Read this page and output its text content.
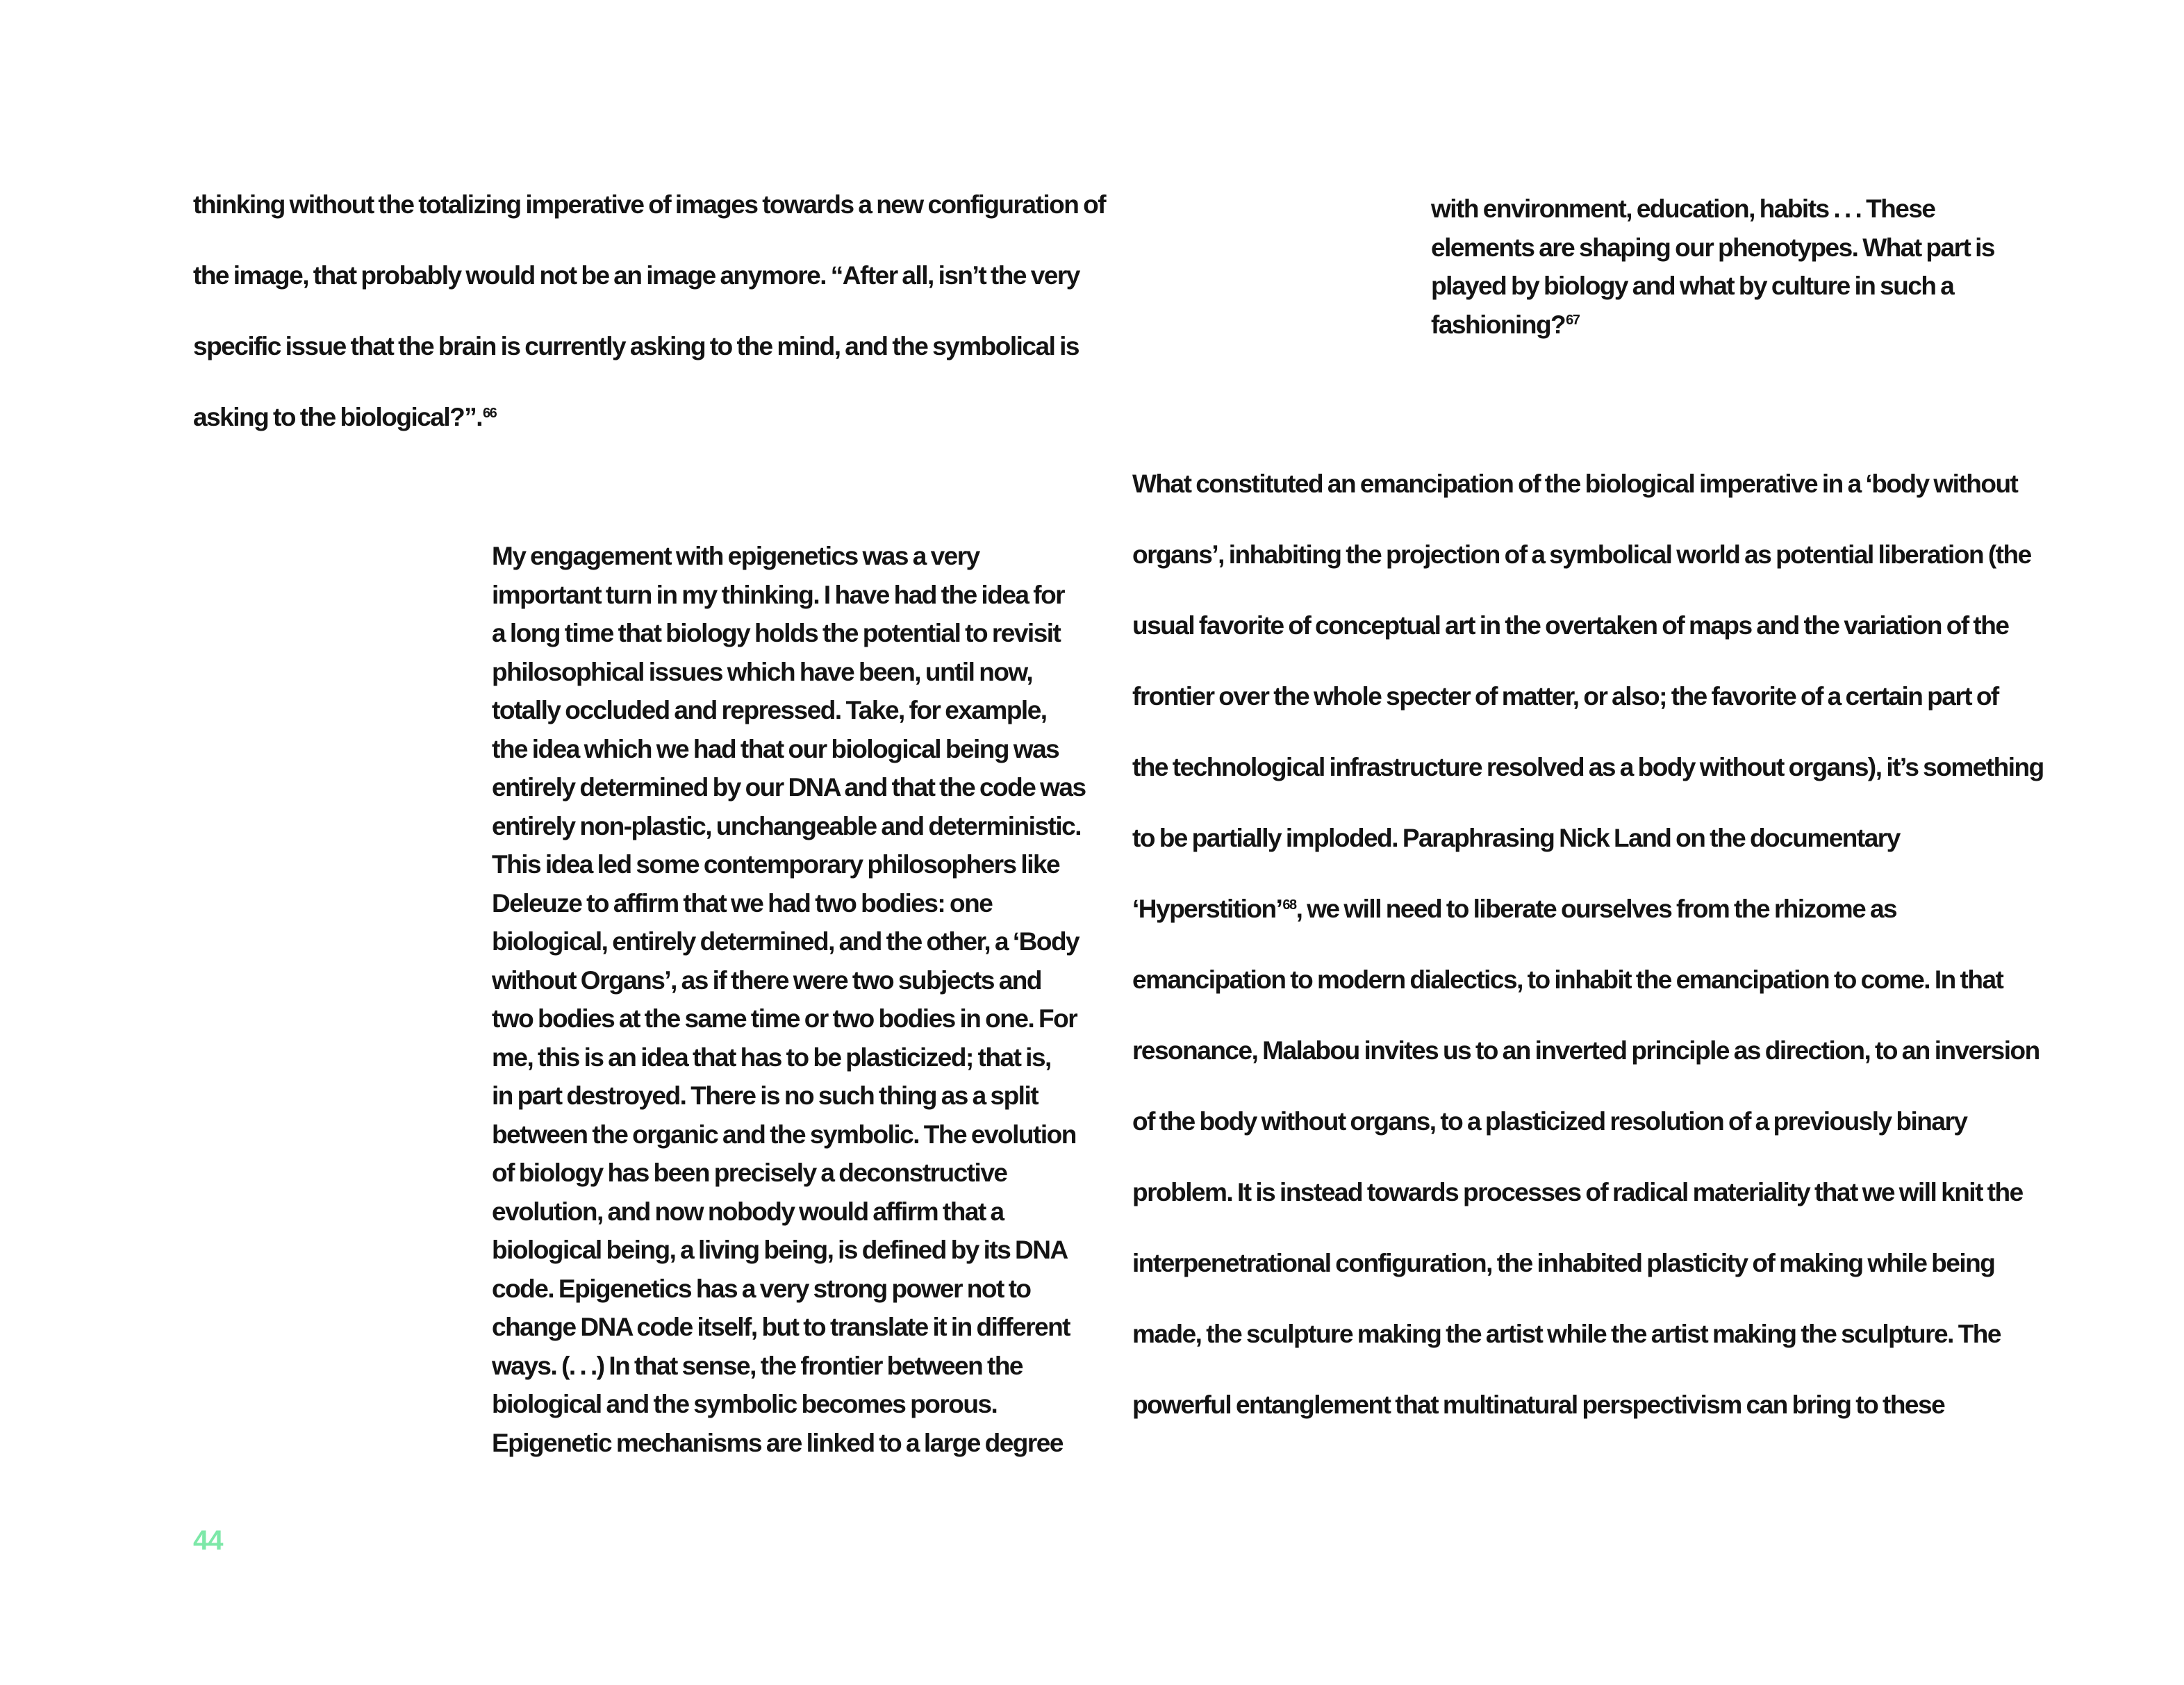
thinking without the totalizing imperative of images towards a new configuration of
the image, that probably would not be an image anymore. “After all, isn’t the very
specific issue that the brain is currently asking to the mind, and the symbolical is
asking to the biological?”.$^{66}$
My engagement with epigenetics was a very
important turn in my thinking. I have had the idea for
a long time that biology holds the potential to revisit
philosophical issues which have been, until now,
totally occluded and repressed. Take, for example,
the idea which we had that our biological being was
entirely determined by our DNA and that the code was
entirely non-plastic, unchangeable and deterministic.
This idea led some contemporary philosophers like
Deleuze to affirm that we had two bodies: one
biological, entirely determined, and the other, a ‘Body
without Organs’, as if there were two subjects and
two bodies at the same time or two bodies in one. For
me, this is an idea that has to be plasticized; that is,
in part destroyed. There is no such thing as a split
between the organic and the symbolic. The evolution
of biology has been precisely a deconstructive
evolution, and now nobody would affirm that a
biological being, a living being, is defined by its DNA
code. Epigenetics has a very strong power not to
change DNA code itself, but to translate it in different
ways. (. . .) In that sense, the frontier between the
biological and the symbolic becomes porous.
Epigenetic mechanisms are linked to a large degree
with environment, education, habits . . . These
elements are shaping our phenotypes. What part is
played by biology and what by culture in such a
fashioning?$^{67}$
What constituted an emancipation of the biological imperative in a ‘body without
organs’, inhabiting the projection of a symbolical world as potential liberation (the
usual favorite of conceptual art in the overtaken of maps and the variation of the
frontier over the whole specter of matter, or also; the favorite of a certain part of
the technological infrastructure resolved as a body without organs), it’s something
to be partially imploded. Paraphrasing Nick Land on the documentary
‘Hyperstition’$^{68}$, we will need to liberate ourselves from the rhizome as
emancipation to modern dialectics, to inhabit the emancipation to come. In that
resonance, Malabou invites us to an inverted principle as direction, to an inversion
of the body without organs, to a plasticized resolution of a previously binary
problem. It is instead towards processes of radical materiality that we will knit the
interpenetrational configuration, the inhabited plasticity of making while being
made, the sculpture making the artist while the artist making the sculpture. The
powerful entanglement that multinatural perspectivism can bring to these
44
